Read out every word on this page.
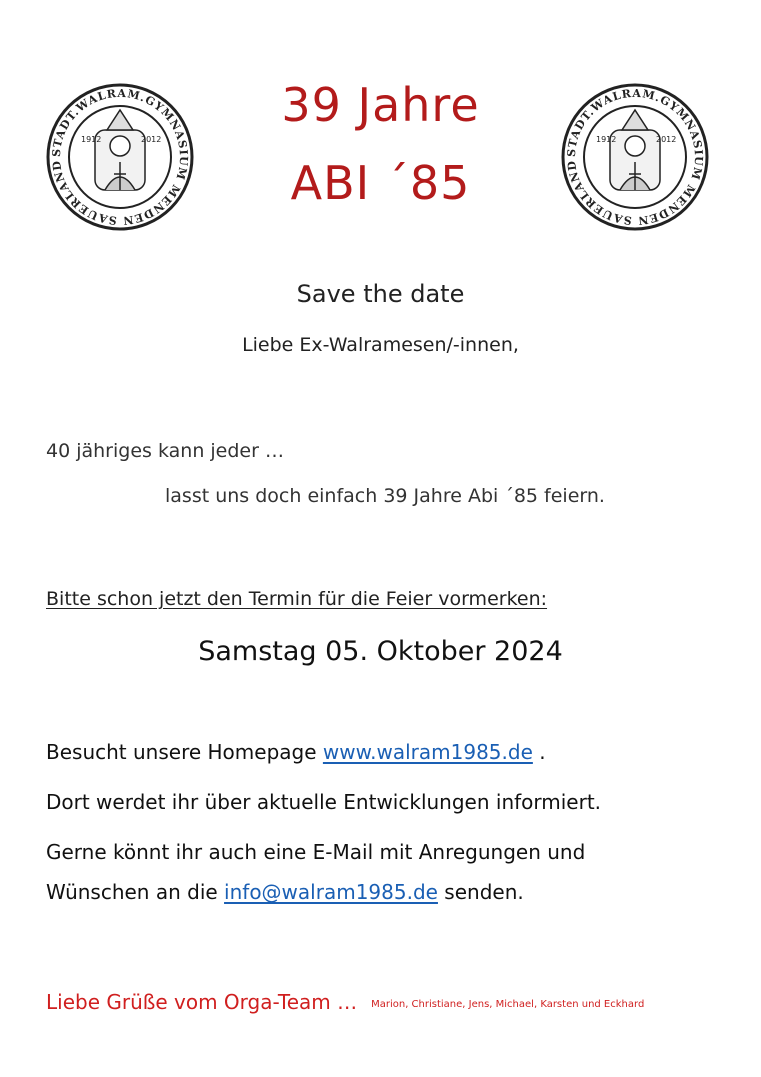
STADT.WALRAM.GYMNASIUM MENDEN SAUERLAND
1912	2012
STADT.WALRAM.GYMNASIUM MENDEN SAUERLAND
1912	2012
39 Jahre
ABI ´85
Save the date
Liebe Ex-Walramesen/-innen,
40 jähriges kann jeder …
lasst uns doch einfach 39 Jahre Abi ´85 feiern.
Bitte schon jetzt den Termin für die Feier vormerken:
Samstag 05. Oktober 2024
Besucht unsere Homepage www.walram1985.de .
Dort werdet ihr über aktuelle Entwicklungen informiert.
Gerne könnt ihr auch eine E-Mail mit Anregungen und
Wünschen an die info@walram1985.de senden.
Liebe Grüße vom Orga-Team … Marion, Christiane, Jens, Michael, Karsten und Eckhard
